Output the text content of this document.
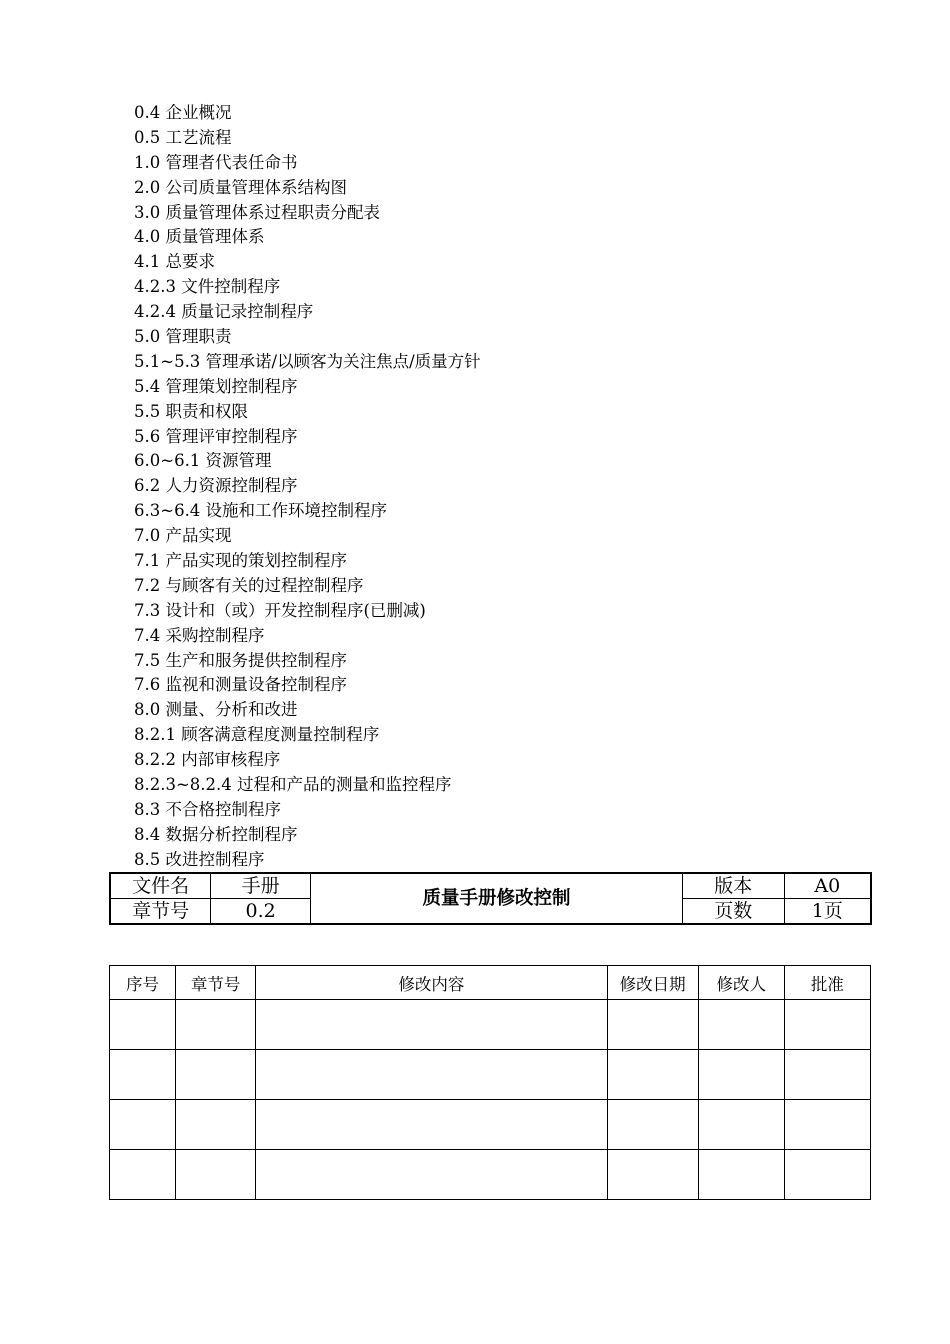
0.4 企业概况
0.5 工艺流程
1.0 管理者代表任命书
2.0 公司质量管理体系结构图
3.0 质量管理体系过程职责分配表
4.0 质量管理体系
4.1 总要求
4.2.3 文件控制程序
4.2.4 质量记录控制程序
5.0 管理职责
5.1~5.3 管理承诺/以顾客为关注焦点/质量方针
5.4 管理策划控制程序
5.5 职责和权限
5.6 管理评审控制程序
6.0~6.1 资源管理
6.2 人力资源控制程序
6.3~6.4 设施和工作环境控制程序
7.0 产品实现
7.1 产品实现的策划控制程序
7.2 与顾客有关的过程控制程序
7.3 设计和（或）开发控制程序(已删减)
7.4 采购控制程序
7.5 生产和服务提供控制程序
7.6 监视和测量设备控制程序
8.0 测量、分析和改进
8.2.1 顾客满意程度测量控制程序
8.2.2 内部审核程序
8.2.3~8.2.4 过程和产品的测量和监控程序
8.3 不合格控制程序
8.4 数据分析控制程序
8.5 改进控制程序
文件名	手册	质量手册修改控制	版本	A0
章节号	0.2		页数	1页
序号	章节号	修改内容	修改日期	修改人	批准
